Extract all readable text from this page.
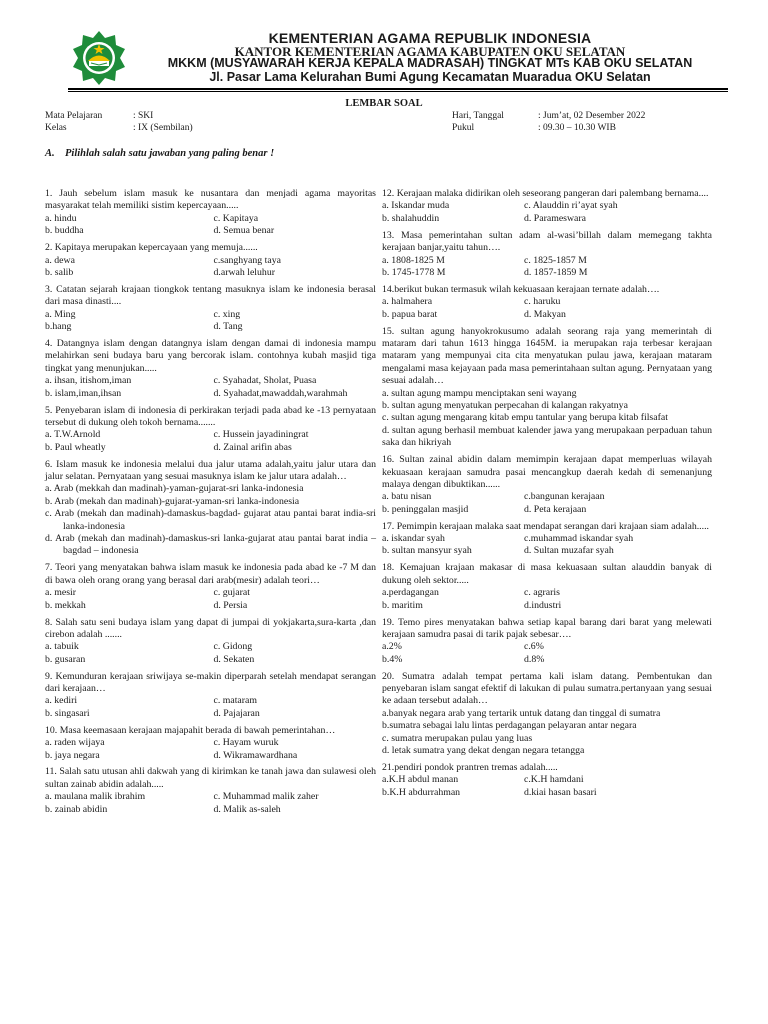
KEMENTERIAN AGAMA REPUBLIK INDONESIA
KANTOR KEMENTERIAN AGAMA KABUPATEN OKU SELATAN
MKKM (MUSYAWARAH KERJA KEPALA MADRASAH) TINGKAT MTs KAB OKU SELATAN
Jl. Pasar Lama Kelurahan Bumi Agung Kecamatan Muaradua OKU Selatan
LEMBAR SOAL
Mata Pelajaran	: SKI
Kelas	: IX (Sembilan)
Hari, Tanggal	: Jum’at, 02 Desember 2022
Pukul	: 09.30 – 10.30 WIB
A. Pilihlah salah satu jawaban yang paling benar !
1. Jauh sebelum islam masuk ke nusantara dan menjadi agama mayoritas masyarakat telah memiliki sistim kepercayaan.....
a. hindu	c. Kapitaya
b. buddha	d. Semua benar
2. Kapitaya merupakan kepercayaan yang memuja......
a. dewa	c.sanghyang taya
b. salib	d.arwah leluhur
3. Catatan sejarah krajaan tiongkok tentang masuknya islam ke indonesia berasal dari masa dinasti....
a. Ming	c. xing
b.hang	d. Tang
4. Datangnya islam dengan datangnya islam dengan damai di indonesia mampu melahirkan seni budaya baru yang bercorak islam. contohnya kubah masjid tiga tingkat yang menunjukan.....
a. ihsan, itishom,iman	c. Syahadat, Sholat, Puasa
b. islam,iman,ihsan	d. Syahadat,mawaddah,warahmah
5. Penyebaran islam di indonesia di perkirakan terjadi pada abad ke -13 pernyataan tersebut di dukung oleh tokoh bernama.......
a. T.W.Arnold	c. Hussein jayadiningrat
b. Paul wheatly	d. Zainal arifin abas
6. Islam masuk ke indonesia melalui dua jalur utama adalah,yaitu jalur utara dan jalur selatan. Pernyataan yang sesuai masuknya islam ke jalur utara adalah…
a. Arab (mekkah dan madinah)-yaman-gujarat-sri lanka-indonesia
b. Arab (mekah dan madinah)-gujarat-yaman-sri lanka-indonesia
c. Arab (mekah dan madinah)-damaskus-bagdad- gujarat atau pantai barat india-sri lanka-indonesia
d. Arab (mekah dan madinah)-damaskus-sri lanka-gujarat atau pantai barat india – bagdad – indonesia
7. Teori yang menyatakan bahwa islam masuk ke indonesia pada abad ke -7 M dan di bawa oleh orang orang yang berasal dari arab(mesir) adalah teori…
a. mesir	c. gujarat
b. mekkah	d. Persia
8. Salah satu seni budaya islam yang dapat di jumpai di yokjakarta,sura-karta ,dan cirebon adalah .......
a. tabuik	c. Gidong
b. gusaran	d. Sekaten
9. Kemunduran kerajaan sriwijaya se-makin diperparah setelah mendapat serangan dari kerajaan…
a. kediri	c. mataram
b. singasari	d. Pajajaran
10. Masa keemasaan kerajaan majapahit berada di bawah pemerintahan…
a. raden wijaya	c. Hayam wuruk
b. jaya negara	d. Wikramawardhana
11. Salah satu utusan ahli dakwah yang di kirimkan ke tanah jawa dan sulawesi oleh sultan zainab abidin adalah.....
a. maulana malik ibrahim	c. Muhammad malik zaher
b. zainab abidin	d. Malik as-saleh
12. Kerajaan malaka didirikan oleh seseorang pangeran dari palembang bernama....
a. Iskandar muda	c. Alauddin ri’ayat syah
b. shalahuddin	d. Parameswara
13. Masa pemerintahan sultan adam al-wasi’billah dalam memegang takhta kerajaan banjar,yaitu tahun….
a. 1808-1825 M	c. 1825-1857 M
b. 1745-1778 M	d. 1857-1859 M
14.berikut bukan termasuk wilah kekuasaan kerajaan ternate adalah….
a. halmahera	c. haruku
b. papua barat	d. Makyan
15. sultan agung hanyokrokusumo adalah seorang raja yang memerintah di mataram dari tahun 1613 hingga 1645M. ia merupakan raja terbesar kerajaan mataram yang mempunyai cita cita menyatukan pulau jawa, kerajaan mataram mengalami masa kejayaan pada masa pemerintahaan sultan agung. Pernyataan yang sesuai adalah…
a. sultan agung mampu menciptakan seni wayang
b. sultan agung menyatukan perpecahan di kalangan rakyatnya
c. sultan agung mengarang kitab empu tantular yang berupa kitab filsafat
d. sultan agung berhasil membuat kalender jawa yang merupakaan perpaduan tahun saka dan hikriyah
16. Sultan zainal abidin dalam memimpin kerajaan dapat memperluas wilayah kekuasaan kerajaan samudra pasai mencangkup daerah kedah di semenanjung malaya dengan dibuktikan......
a. batu nisan	c.bangunan kerajaan
b. peninggalan masjid	d. Peta kerajaan
17. Pemimpin kerajaan malaka saat mendapat serangan dari krajaan siam adalah.....
a. iskandar syah	c.muhammad iskandar syah
b. sultan mansyur syah	d. Sultan muzafar syah
18. Kemajuan krajaan makasar di masa kekuasaan sultan alauddin banyak di dukung oleh sektor.....
a.perdagangan	c. agraris
b. maritim	d.industri
19. Temo pires menyatakan bahwa setiap kapal barang dari barat yang melewati kerajaan samudra pasai di tarik pajak sebesar….
a.2%	c.6%
b.4%	d.8%
20. Sumatra adalah tempat pertama kali islam datang. Pembentukan dan penyebaran islam sangat efektif di lakukan di pulau sumatra.pertanyaan yang sesuai ke adaan tersebut adalah…
a.banyak negara arab yang tertarik untuk datang dan tinggal di sumatra
b.sumatra sebagai lalu lintas perdagangan pelayaran antar negara
c. sumatra merupakan pulau yang luas
d. letak sumatra yang dekat dengan negara tetangga
21.pendiri pondok prantren tremas adalah.....
a.K.H abdul manan	c.K.H hamdani
b.K.H abdurrahman	d.kiai hasan basari
